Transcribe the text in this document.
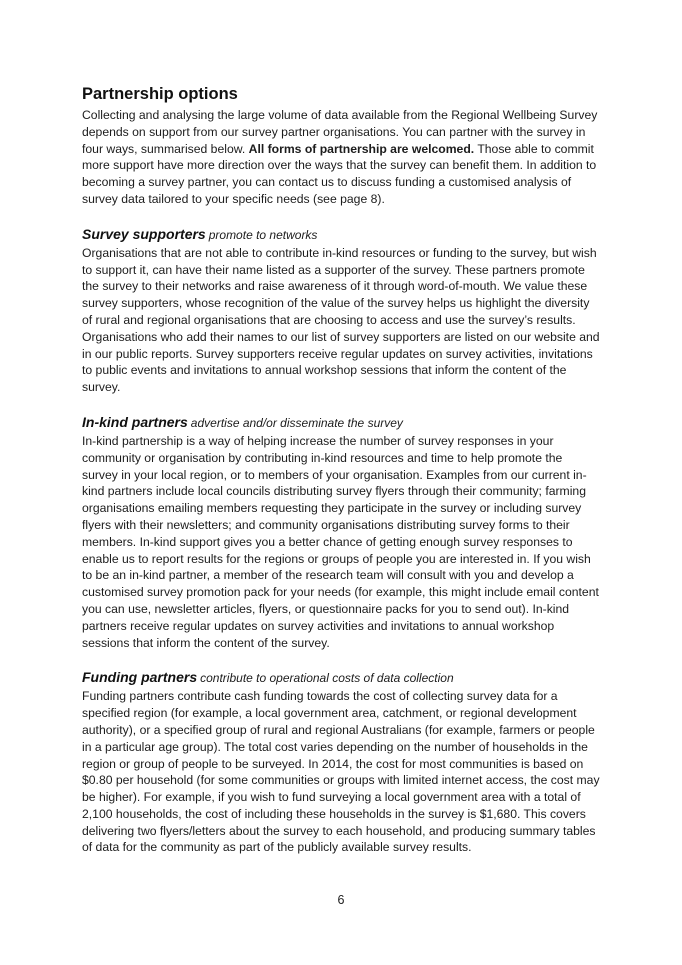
Partnership options

Collecting and analysing the large volume of data available from the Regional Wellbeing Survey depends on support from our survey partner organisations. You can partner with the survey in four ways, summarised below. All forms of partnership are welcomed. Those able to commit more support have more direction over the ways that the survey can benefit them. In addition to becoming a survey partner, you can contact us to discuss funding a customised analysis of survey data tailored to your specific needs (see page 8).

Survey supporters promote to networks

Organisations that are not able to contribute in-kind resources or funding to the survey, but wish to support it, can have their name listed as a supporter of the survey. These partners promote the survey to their networks and raise awareness of it through word-of-mouth. We value these survey supporters, whose recognition of the value of the survey helps us highlight the diversity of rural and regional organisations that are choosing to access and use the survey’s results. Organisations who add their names to our list of survey supporters are listed on our website and in our public reports. Survey supporters receive regular updates on survey activities, invitations to public events and invitations to annual workshop sessions that inform the content of the survey.

In-kind partners advertise and/or disseminate the survey

In-kind partnership is a way of helping increase the number of survey responses in your community or organisation by contributing in-kind resources and time to help promote the survey in your local region, or to members of your organisation. Examples from our current in-kind partners include local councils distributing survey flyers through their community; farming organisations emailing members requesting they participate in the survey or including survey flyers with their newsletters; and community organisations distributing survey forms to their members. In-kind support gives you a better chance of getting enough survey responses to enable us to report results for the regions or groups of people you are interested in. If you wish to be an in-kind partner, a member of the research team will consult with you and develop a customised survey promotion pack for your needs (for example, this might include email content you can use, newsletter articles, flyers, or questionnaire packs for you to send out). In-kind partners receive regular updates on survey activities and invitations to annual workshop sessions that inform the content of the survey.

Funding partners contribute to operational costs of data collection

Funding partners contribute cash funding towards the cost of collecting survey data for a specified region (for example, a local government area, catchment, or regional development authority), or a specified group of rural and regional Australians (for example, farmers or people in a particular age group). The total cost varies depending on the number of households in the region or group of people to be surveyed. In 2014, the cost for most communities is based on $0.80 per household (for some communities or groups with limited internet access, the cost may be higher). For example, if you wish to fund surveying a local government area with a total of 2,100 households, the cost of including these households in the survey is $1,680. This covers delivering two flyers/letters about the survey to each household, and producing summary tables of data for the community as part of the publicly available survey results.

6
